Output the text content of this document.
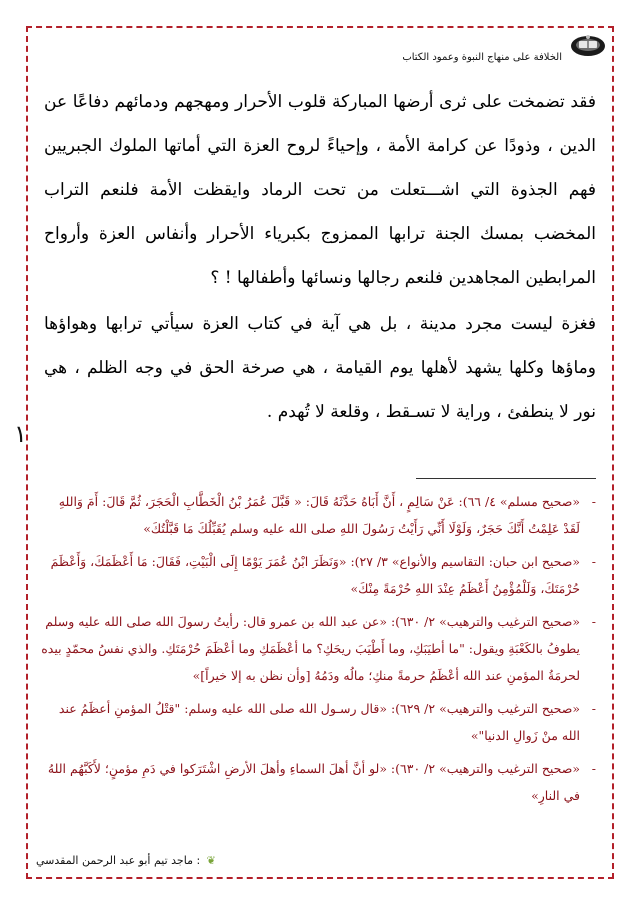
الخلافة على منهاج النبوة وعمود الكتاب

فقد تضمخت على ثرى أرضها المباركة قلوب الأحرار ومهجهم ودمائهم دفاعًا عن الدين ، وذودًا عن كرامة الأمة ، وإحياءً لروح العزة التي أماتها الملوك الجبريين فهم الجذوة التي اشـــتعلت من تحت الرماد وايقظت الأمة فلنعم التراب المخضب بمسك الجنة ترابها الممزوج بكبرياء الأحرار وأنفاس العزة وأرواح المرابطين المجاهدين فلنعم رجالها ونسائها وأطفالها ! ؟

فغزة ليست مجرد مدينة ، بل هي آية في كتاب العزة سيأتي ترابها وهواؤها وماؤها وكلها يشهد لأهلها يوم القيامة ، هي صرخة الحق في وجه الظلم ، هي نور لا ينطفئ ، وراية لا تسـقط ، وقلعة لا تُهدم .

١
- «صحيح مسلم» ٤/ ٦٦): عَنْ سَالِمٍ ، أَنَّ أَبَاهُ حَدَّثَهُ قَالَ: « قَبَّلَ عُمَرُ بْنُ الْخَطَّابِ الْحَجَرَ، ثُمَّ قَالَ: أَمَ وَاللهِ لَقَدْ عَلِمْتُ أَنَّكَ حَجَرٌ، وَلَوْلَا أَنِّي رَأَيْتُ رَسُولَ اللهِ صلى الله عليه وسلم يُقَبِّلُكَ مَا قَبَّلْتُكَ»
- «صحيح ابن حبان: التقاسيم والأنواع» ٣/ ٢٧): «وَنَظَرَ ابْنُ عُمَرَ يَوْمًا إِلَى الْبَيْتِ، فَقَالَ: مَا أَعْظَمَكَ، وَأَعْظَمَ حُرْمَتَكَ، وَلَلْمُؤْمِنُ أَعْظَمُ عِنْدَ اللهِ حُرْمَةً مِنْكَ»
- «صحيح الترغيب والترهيب» ٢/ ٦٣٠): «عن عبد الله بن عمرو قال: رأيتُ رسولَ الله صلى الله عليه وسلم يطوفُ بالكَعْبَةِ ويقول: "ما أطيَبَكِ، وما أَطْيَبَ ريحَكِ؟ ما أعْظَمَكِ وما أعْظَمَ حُرْمَتَكِ. والذي نفسُ محمّدٍ بيده لحرمَةُ المؤمنِ عند الله أعْظَمُ حرمةً منكِ؛ مالُه ودَمُهُ [وأن نظن به إلا خيراً]»
- «صحيح الترغيب والترهيب» ٢/ ٦٢٩): «قال رسـول الله صلى الله عليه وسلم: "قتْلُ المؤمنِ أعظَمُ عند الله منْ زَوالِ الدنيا"»
- «صحيح الترغيب والترهيب» ٢/ ٦٣٠): «لو أنَّ أهلَ السماءِ وأهلَ الأرضِ اشْتَرَكوا في دَمِ مؤمنٍ؛ لأَكَبَّهُم اللهُ في النارِ»
❦ : ماجد تيم أبو عبد الرحمن المقدسي
